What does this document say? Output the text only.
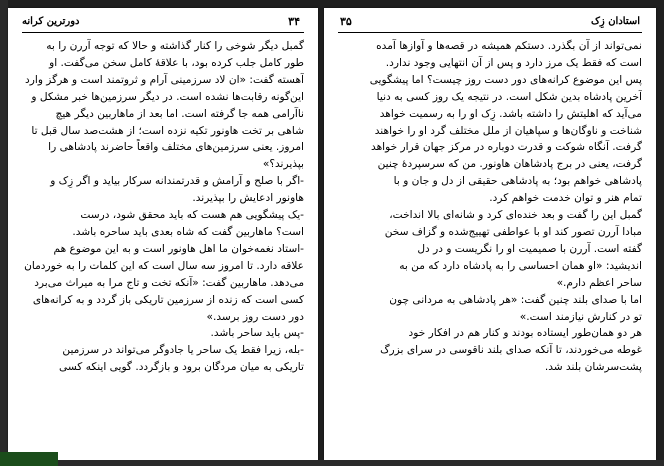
دورترین کرانه	۳۴
گمبل دیگر شوخی را کنار گذاشته و حالا که توجه آررن را به
طور کامل جلب کرده بود، با علاقهٔ کامل سخن می‌گفت. او
آهسته گفت: «ان لاد سرزمینی آرام و ثروتمند است و هرگز وارد
این‌گونه رقابت‌ها نشده است. در دیگر سرزمین‌ها خبر مشکل و
ناآرامی همه جا گرفته است. اما بعد از ماهاربین دیگر هیچ
شاهی بر تخت هاونور تکیه نزده است؛ از هشت‌صد سال قبل تا
امروز. یعنی سرزمین‌های مختلف واقعاً حاضرند پادشاهی را
بپذیرند؟»
-اگر با صلح و آرامش و قدرتمندانه سرکار بیاید و اگر زِک و
هاونور ادعایش را بپذیرند.
-یک پیشگویی هم هست که باید محقق شود، درست
است؟ ماهاربین گفت که شاه بعدی باید ساحره باشد.
-استاد نغمه‌خوان ما اهل هاونور است و به این موضوع هم
علاقه دارد. تا امروز سه سال است که این کلمات را به خوردمان
می‌دهد. ماهاربین گفت: «آنکه تخت و تاج مرا به میراث می‌برد
کسی است که زنده از سرزمین تاریکی باز گردد و به کرانه‌های
دور دست روز برسد.»
-پس باید ساحر باشد.
-بله، زیرا فقط یک ساحر یا جادوگر می‌تواند در سرزمین
تاریکی به میان مردگان برود و بازگردد. گویی اینکه کسی
۳۵	استادان زِک
نمی‌تواند از آن بگذرد. دستکم همیشه در قصه‌ها و آوازها آمده
است که فقط یک مرز دارد و پس از آن انتهایی وجود ندارد.
پس این موضوع کرانه‌های دور دست روز چیست؟ اما پیشگویی
آخرین پادشاه بدین شکل است. در نتیجه یک روز کسی به دنیا
می‌آید که اهلیتش را داشته باشد. زِک او را به رسمیت خواهد
شناخت و ناوگان‌ها و سپاهیان از ملل مختلف گرد او را خواهند
گرفت. آنگاه شوکت و قدرت دوباره در مرکز جهان قرار خواهد
گرفت، یعنی در برج پادشاهان هاونور. من که سرسپردهٔ چنین
پادشاهی خواهم بود؛ به پادشاهی حقیقی از دل و جان و با
تمام هنر و توان خدمت خواهم کرد.
گمبل این را گفت و بعد خنده‌ای کرد و شانه‌ای بالا انداخت،
مبادا آررن تصور کند او با عواطفی تهییج‌شده و گزاف سخن
گفته است. آررن با صمیمیت او را نگریست و در دل
اندیشید: «او همان احساسی را به پادشاه دارد که من به
ساحر اعظم دارم.»
اما با صدای بلند چنین گفت: «هر پادشاهی به مردانی چون
تو در کنارش نیازمند است.»
هر دو همان‌طور ایستاده بودند و کنار هم در افکار خود
غوطه می‌خوردند، تا آنکه صدای بلند ناقوسی در سرای بزرگ
پشت‌سرشان بلند شد.
